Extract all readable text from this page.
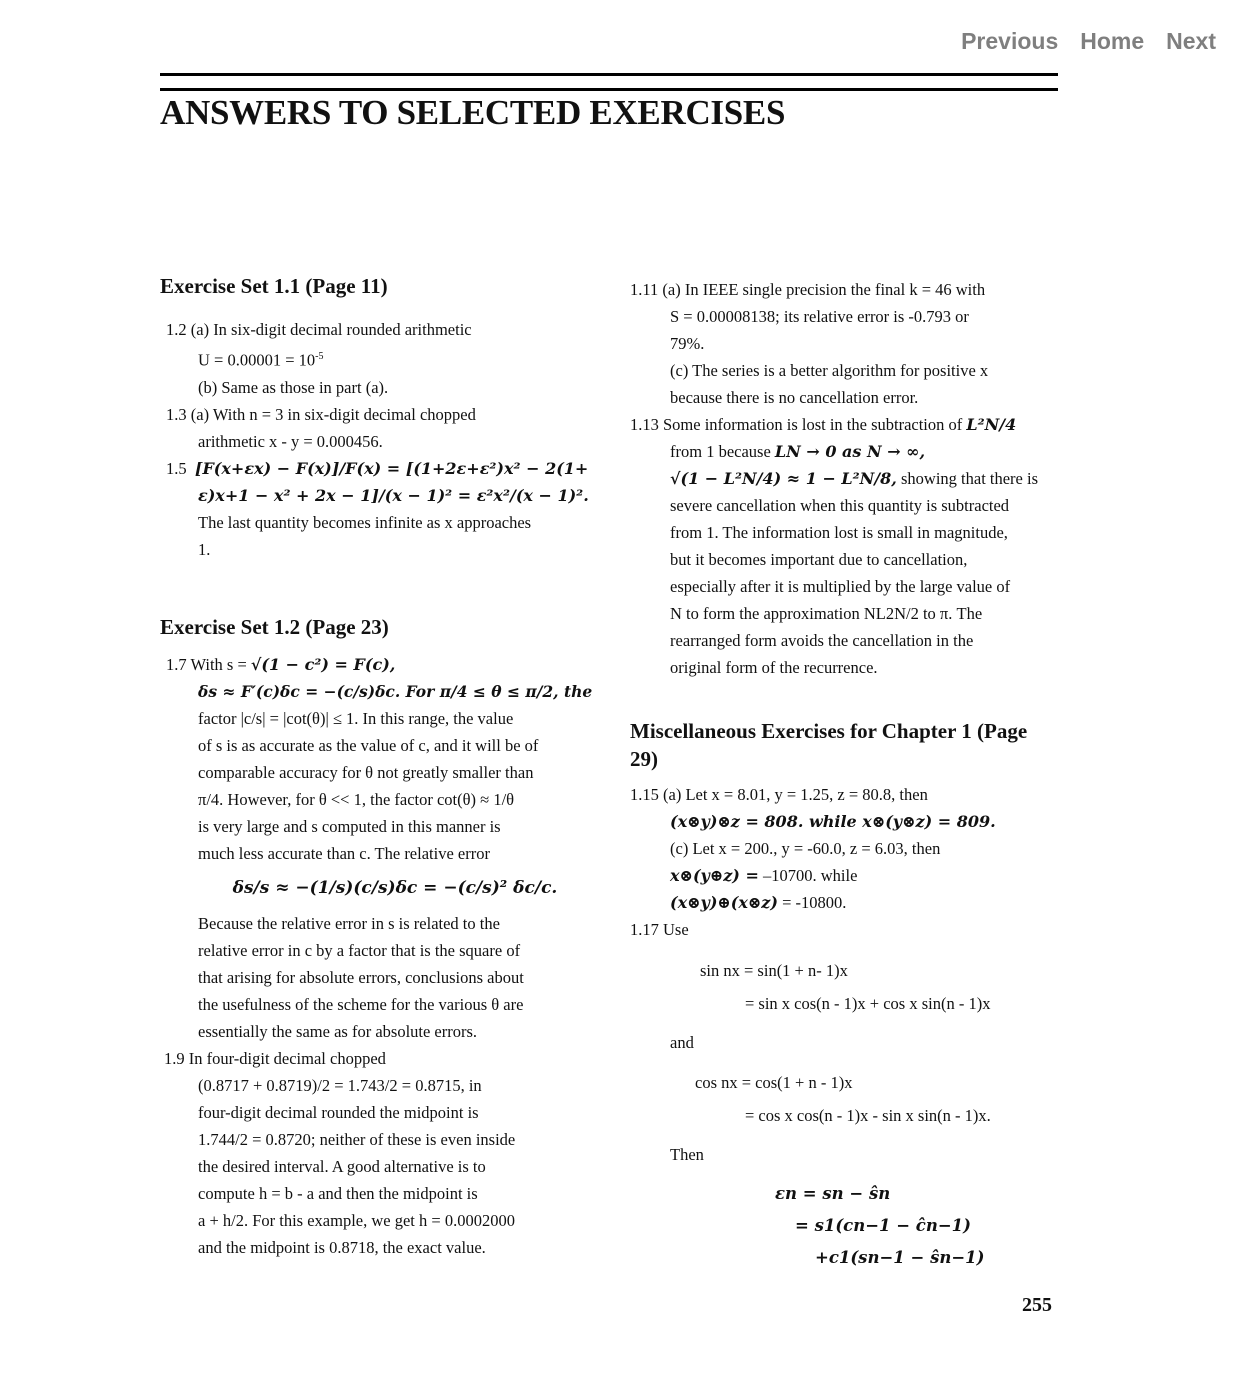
Previous Home Next
ANSWERS TO SELECTED EXERCISES
Exercise Set 1.1 (Page 11)

1.2 (a) In six-digit decimal rounded arithmetic

$U = 0.00001 = 10^{-5}$

(b) Same as those in part (a).

1.3 (a) With n = 3 in six-digit decimal chopped

arithmetic x - y = 0.000456.

1.5 [F(x+εx) − F(x)]/F(x) = [(1+2ε+ε²)x² − 2(1+

ε)x+1 − x² + 2x − 1]/(x − 1)² = ε²x²/(x − 1)².

The last quantity becomes infinite as x approaches

1.

Exercise Set 1.2 (Page 23)

1.7 With s = √(1 − c²) = F(c),

δs ≈ F′(c)δc = −(c/s)δc. For π/4 ≤ θ ≤ π/2, the

factor |c/s| = |cot(θ)| ≤ 1. In this range, the value

of s is as accurate as the value of c, and it will be of

comparable accuracy for θ not greatly smaller than

π/4. However, for θ << 1, the factor cot(θ) ≈ 1/θ

is very large and s computed in this manner is

much less accurate than c. The relative error

δs/s ≈ −(1/s)(c/s)δc = −(c/s)² δc/c.

Because the relative error in s is related to the

relative error in c by a factor that is the square of

that arising for absolute errors, conclusions about

the usefulness of the scheme for the various θ are

essentially the same as for absolute errors.

1.9 In four-digit decimal chopped

(0.8717 + 0.8719)/2 = 1.743/2 = 0.8715, in

four-digit decimal rounded the midpoint is

1.744/2 = 0.8720; neither of these is even inside

the desired interval. A good alternative is to

compute h = b - a and then the midpoint is

a + h/2. For this example, we get h = 0.0002000

and the midpoint is 0.8718, the exact value.

1.11 (a) In IEEE single precision the final k = 46 with

S = 0.00008138; its relative error is -0.793 or

79%.

(c) The series is a better algorithm for positive x

because there is no cancellation error.

1.13 Some information is lost in the subtraction of L²N/4

from 1 because LN → 0 as N → ∞,

√(1 − L²N/4) ≈ 1 − L²N/8, showing that there is

severe cancellation when this quantity is subtracted

from 1. The information lost is small in magnitude,

but it becomes important due to cancellation,

especially after it is multiplied by the large value of

N to form the approximation NL2N/2 to π. The

rearranged form avoids the cancellation in the

original form of the recurrence.

Miscellaneous Exercises for Chapter 1 (Page 29)

1.15 (a) Let x = 8.01, y = 1.25, z = 80.8, then

(x⊗y)⊗z = 808. while x⊗(y⊗z) = 809.

(c) Let x = 200., y = -60.0, z = 6.03, then

x⊗(y⊕z) = –10700. while

(x⊗y)⊕(x⊗z) = -10800.

1.17 Use

sin nx = sin(1 + n- 1)x

= sin x cos(n - 1)x + cos x sin(n - 1)x

and

cos nx = cos(1 + n - 1)x

= cos x cos(n - 1)x - sin x sin(n - 1)x.

Then

εn = sn − ŝn

= s1(cn−1 − ĉn−1)

+c1(sn−1 − ŝn−1)

255
